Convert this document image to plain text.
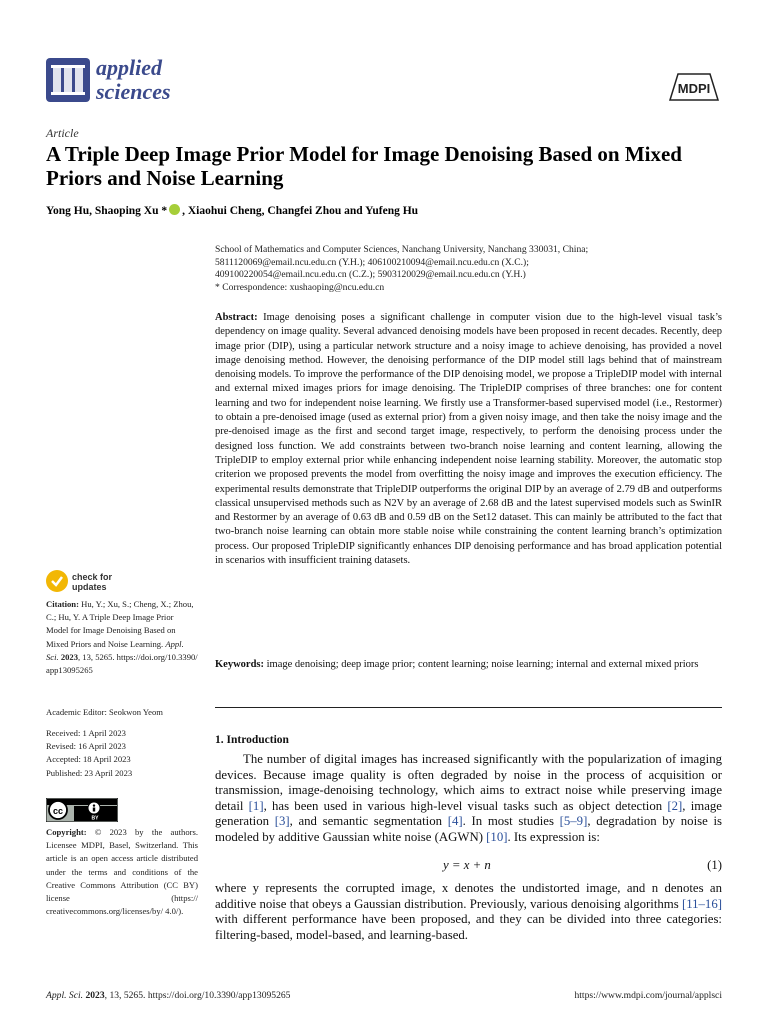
applied
sciences	MDPI
Article
A Triple Deep Image Prior Model for Image Denoising Based on Mixed Priors and Noise Learning
Yong Hu, Shaoping Xu * , Xiaohui Cheng, Changfei Zhou and Yufeng Hu
School of Mathematics and Computer Sciences, Nanchang University, Nanchang 330031, China;
5811120069@email.ncu.edu.cn (Y.H.); 406100210094@email.ncu.edu.cn (X.C.);
409100220054@email.ncu.edu.cn (C.Z.); 5903120029@email.ncu.edu.cn (Y.H.)
* Correspondence: xushaoping@ncu.edu.cn
Abstract: Image denoising poses a significant challenge in computer vision due to the high-level visual task’s dependency on image quality. Several advanced denoising models have been proposed in recent decades. Recently, deep image prior (DIP), using a particular network structure and a noisy image to achieve denoising, has provided a novel image denoising method. However, the denoising performance of the DIP model still lags behind that of mainstream denoising models. To improve the performance of the DIP denoising model, we propose a TripleDIP model with internal and external mixed images priors for image denoising. The TripleDIP comprises of three branches: one for content learning and two for independent noise learning. We firstly use a Transformer-based supervised model (i.e., Restormer) to obtain a pre-denoised image (used as external prior) from a given noisy image, and then take the noisy image and the pre-denoised image as the first and second target image, respectively, to perform the denoising process under the designed loss function. We add constraints between two-branch noise learning and content learning, allowing the TripleDIP to employ external prior while enhancing independent noise learning stability. Moreover, the automatic stop criterion we proposed prevents the model from overfitting the noisy image and improves the execution efficiency. The experimental results demonstrate that TripleDIP outperforms the original DIP by an average of 2.79 dB and outperforms classical unsupervised methods such as N2V by an average of 2.68 dB and the latest supervised models such as SwinIR and Restormer by an average of 0.63 dB and 0.59 dB on the Set12 dataset. This can mainly be attributed to the fact that two-branch noise learning can obtain more stable noise while constraining the content learning branch’s optimization process. Our proposed TripleDIP significantly enhances DIP denoising performance and has broad application potential in scenarios with insufficient training datasets.
Keywords: image denoising; deep image prior; content learning; noise learning; internal and external mixed priors
1. Introduction
The number of digital images has increased significantly with the popularization of imaging devices. Because image quality is often degraded by noise in the process of acquisition or transmission, image-denoising technology, which aims to extract noise while preserving image detail [1], has been used in various high-level visual tasks such as object detection [2], image generation [3], and semantic segmentation [4]. In most studies [5–9], degradation by noise is modeled by additive Gaussian white noise (AGWN) [10]. Its expression is:
y = x + n	(1)
where y represents the corrupted image, x denotes the undistorted image, and n denotes an additive noise that obeys a Gaussian distribution. Previously, various denoising algorithms [11–16] with different performance have been proposed, and they can be divided into three categories: filtering-based, model-based, and learning-based.
check for
updates
Citation: Hu, Y.; Xu, S.; Cheng, X.; Zhou, C.; Hu, Y. A Triple Deep Image Prior Model for Image Denoising Based on Mixed Priors and Noise Learning. Appl. Sci. 2023, 13, 5265. https://doi.org/10.3390/ app13095265
Academic Editor: Seokwon Yeom
Received: 1 April 2023
Revised: 16 April 2023
Accepted: 18 April 2023
Published: 23 April 2023
cc
BY
Copyright: © 2023 by the authors. Licensee MDPI, Basel, Switzerland. This article is an open access article distributed under the terms and conditions of the Creative Commons Attribution (CC BY) license (https:// creativecommons.org/licenses/by/ 4.0/).
Appl. Sci. 2023, 13, 5265. https://doi.org/10.3390/app13095265	https://www.mdpi.com/journal/applsci
